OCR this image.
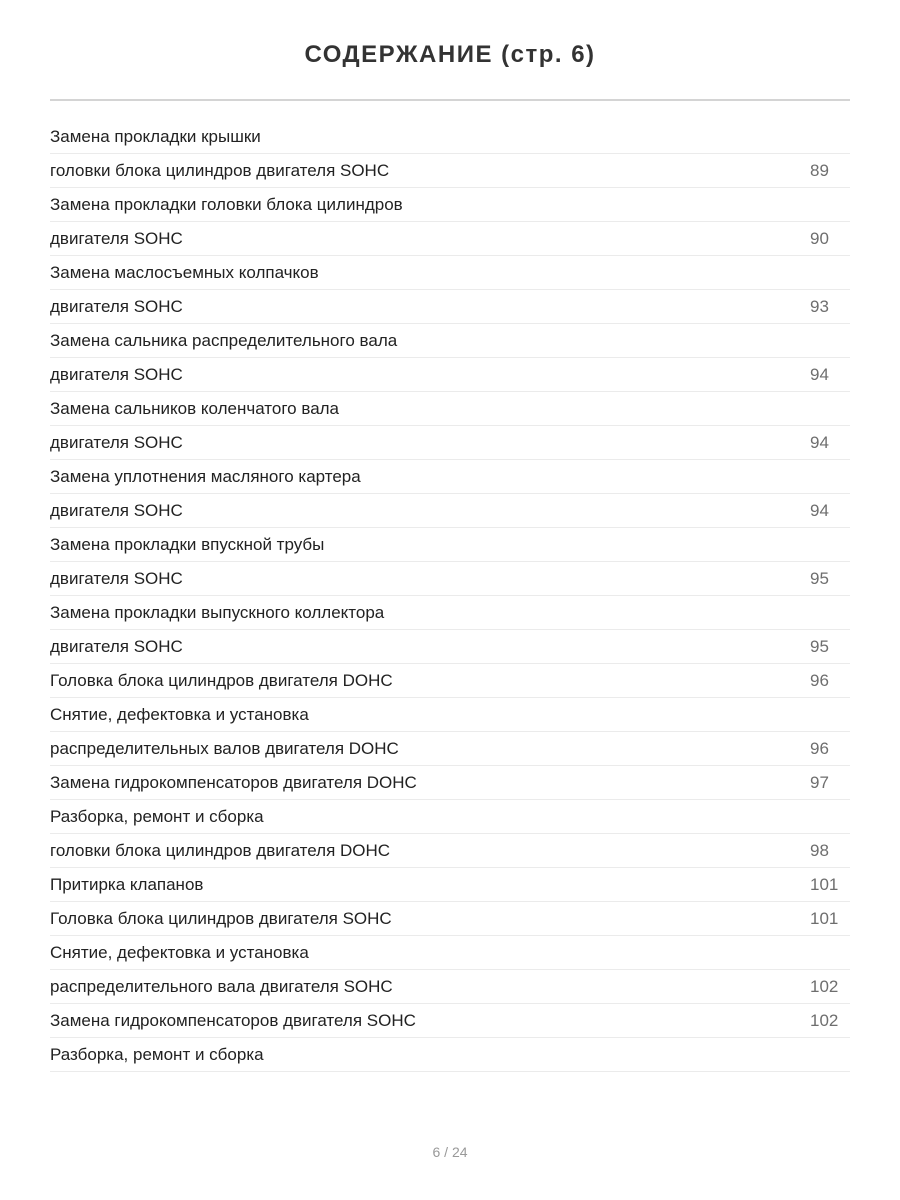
СОДЕРЖАНИЕ (стр. 6)
Замена прокладки крышки
головки блока цилиндров двигателя SOHC	89
Замена прокладки головки блока цилиндров
двигателя SOHC	90
Замена маслосъемных колпачков
двигателя SOHC	93
Замена сальника распределительного вала
двигателя SOHC	94
Замена сальников коленчатого вала
двигателя SOHC	94
Замена уплотнения масляного картера
двигателя SOHC	94
Замена прокладки впускной трубы
двигателя SOHC	95
Замена прокладки выпускного коллектора
двигателя SOHC	95
Головка блока цилиндров двигателя DOHC	96
Снятие, дефектовка и установка
распределительных валов двигателя DOHC	96
Замена гидрокомпенсаторов двигателя DOHC	97
Разборка, ремонт и сборка
головки блока цилиндров двигателя DOHC	98
Притирка клапанов	101
Головка блока цилиндров двигателя SOHC	101
Снятие, дефектовка и установка
распределительного вала двигателя SOHC	102
Замена гидрокомпенсаторов двигателя SOHC	102
Разборка, ремонт и сборка
6 / 24
